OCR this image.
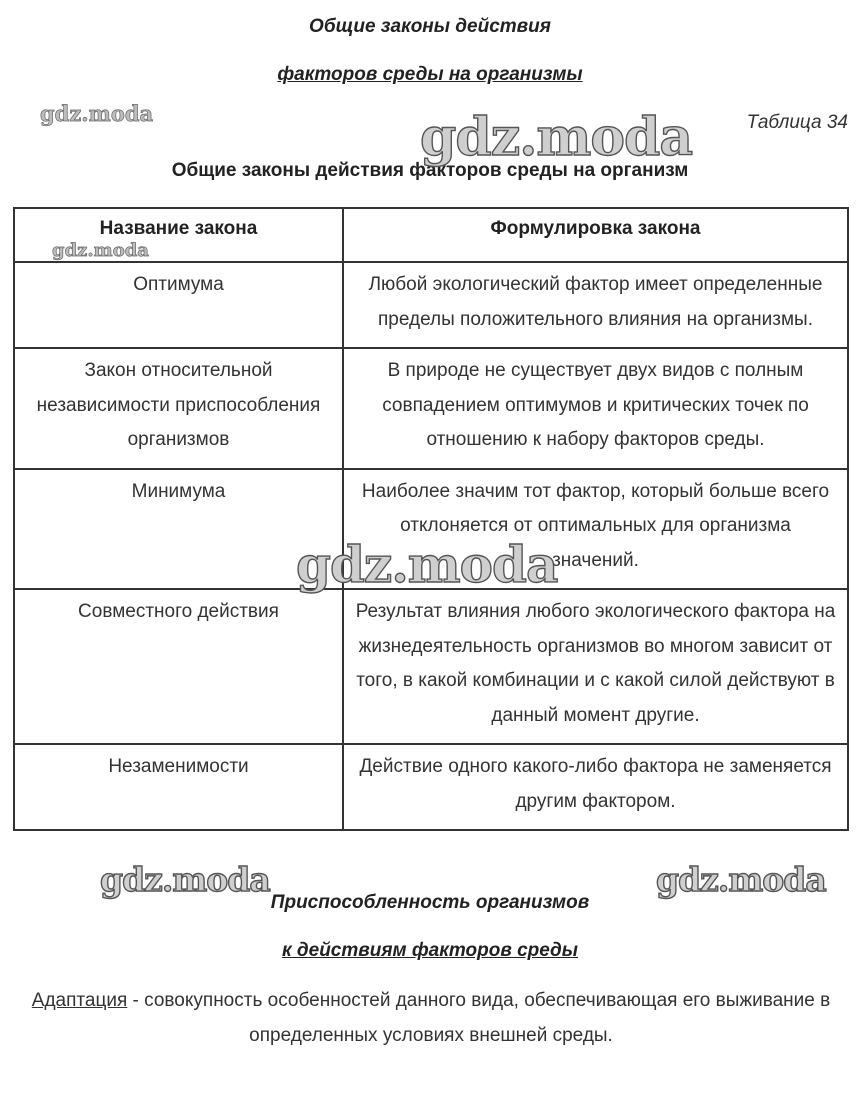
Общие законы действия
факторов среды на организмы
Таблица 34
Общие законы действия факторов среды на организм
Название закона	Формулировка закона
Оптимума	Любой экологический фактор имеет определенные пределы положительного влияния на организмы.
Закон относительной независимости приспособления организмов	В природе не существует двух видов с полным совпадением оптимумов и критических точек по отношению к набору факторов среды.
Минимума	Наиболее значим тот фактор, который больше всего отклоняется от оптимальных для организма значений.
Совместного действия	Результат влияния любого экологического фактора на жизнедеятельность организмов во многом зависит от того, в какой комбинации и с какой силой действуют в данный момент другие.
Незаменимости	Действие одного какого-либо фактора не заменяется другим фактором.
Приспособленность организмов
к действиям факторов среды
Адаптация - совокупность особенностей данного вида, обеспечивающая его выживание в определенных условиях внешней среды.
gdz.moda	gdz.moda
gdz.moda
gdz.moda
gdz.moda	gdz.moda
